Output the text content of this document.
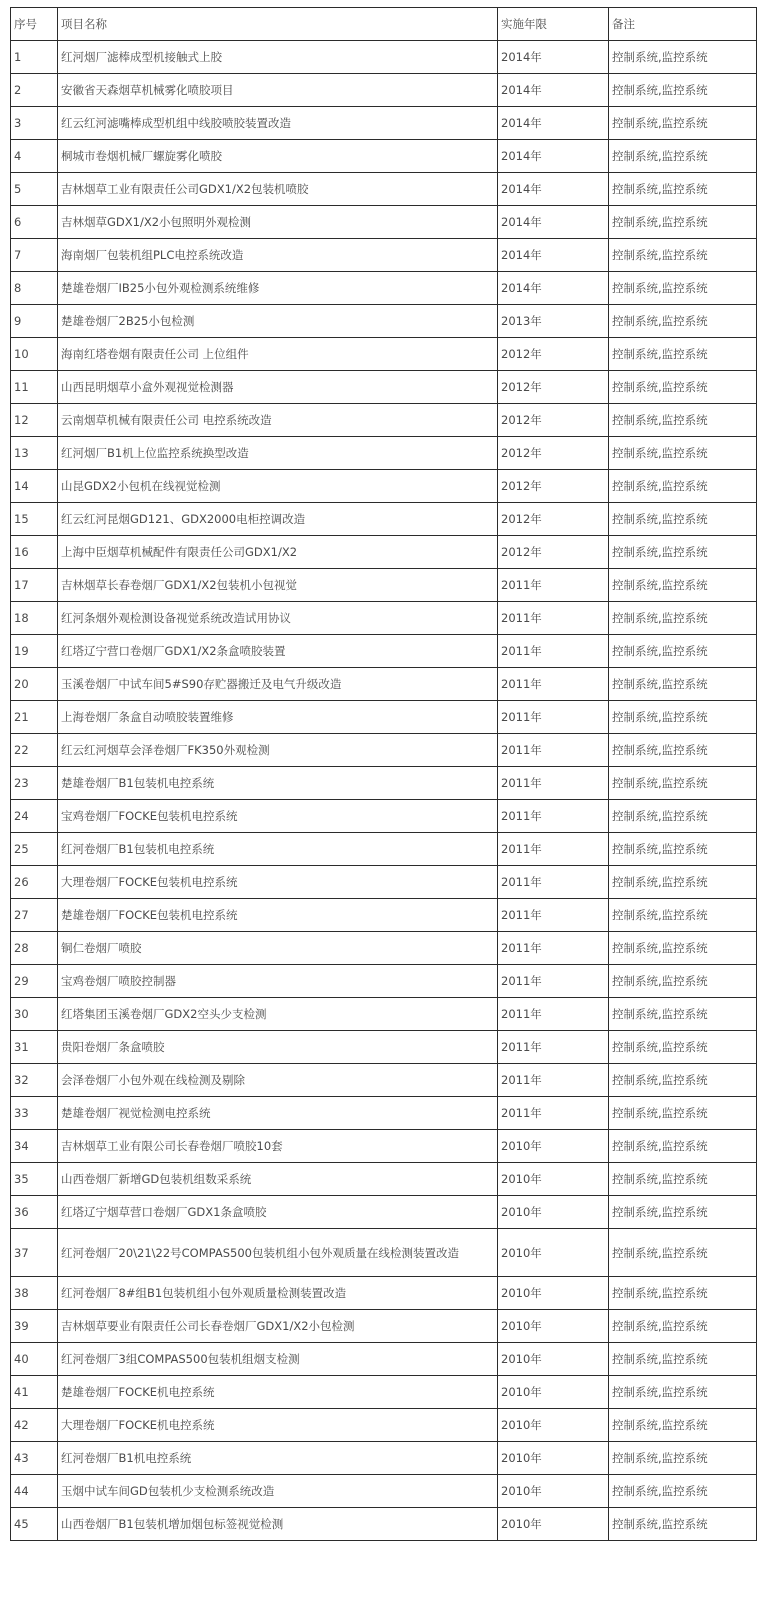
序号	项目名称	实施年限	备注
1	红河烟厂滤棒成型机接触式上胶	2014年	控制系统,监控系统
2	安徽省天森烟草机械雾化喷胶项目	2014年	控制系统,监控系统
3	红云红河滤嘴棒成型机组中线胶喷胶装置改造	2014年	控制系统,监控系统
4	桐城市卷烟机械厂螺旋雾化喷胶	2014年	控制系统,监控系统
5	吉林烟草工业有限责任公司GDX1/X2包装机喷胶	2014年	控制系统,监控系统
6	吉林烟草GDX1/X2小包照明外观检测	2014年	控制系统,监控系统
7	海南烟厂包装机组PLC电控系统改造	2014年	控制系统,监控系统
8	楚雄卷烟厂IB25小包外观检测系统维修	2014年	控制系统,监控系统
9	楚雄卷烟厂2B25小包检测	2013年	控制系统,监控系统
10	海南红塔卷烟有限责任公司 上位组件	2012年	控制系统,监控系统
11	山西昆明烟草小盒外观视觉检测器	2012年	控制系统,监控系统
12	云南烟草机械有限责任公司 电控系统改造	2012年	控制系统,监控系统
13	红河烟厂B1机上位监控系统换型改造	2012年	控制系统,监控系统
14	山昆GDX2小包机在线视觉检测	2012年	控制系统,监控系统
15	红云红河昆烟GD121、GDX2000电柜控调改造	2012年	控制系统,监控系统
16	上海中臣烟草机械配件有限责任公司GDX1/X2	2012年	控制系统,监控系统
17	吉林烟草长春卷烟厂GDX1/X2包装机小包视觉	2011年	控制系统,监控系统
18	红河条烟外观检测设备视觉系统改造试用协议	2011年	控制系统,监控系统
19	红塔辽宁营口卷烟厂GDX1/X2条盒喷胶装置	2011年	控制系统,监控系统
20	玉溪卷烟厂中试车间5#S90存贮器搬迁及电气升级改造	2011年	控制系统,监控系统
21	上海卷烟厂条盒自动喷胶装置维修	2011年	控制系统,监控系统
22	红云红河烟草会泽卷烟厂FK350外观检测	2011年	控制系统,监控系统
23	楚雄卷烟厂B1包装机电控系统	2011年	控制系统,监控系统
24	宝鸡卷烟厂FOCKE包装机电控系统	2011年	控制系统,监控系统
25	红河卷烟厂B1包装机电控系统	2011年	控制系统,监控系统
26	大理卷烟厂FOCKE包装机电控系统	2011年	控制系统,监控系统
27	楚雄卷烟厂FOCKE包装机电控系统	2011年	控制系统,监控系统
28	铜仁卷烟厂喷胶	2011年	控制系统,监控系统
29	宝鸡卷烟厂喷胶控制器	2011年	控制系统,监控系统
30	红塔集团玉溪卷烟厂GDX2空头少支检测	2011年	控制系统,监控系统
31	贵阳卷烟厂条盒喷胶	2011年	控制系统,监控系统
32	会泽卷烟厂小包外观在线检测及剔除	2011年	控制系统,监控系统
33	楚雄卷烟厂视觉检测电控系统	2011年	控制系统,监控系统
34	吉林烟草工业有限公司长春卷烟厂喷胶10套	2010年	控制系统,监控系统
35	山西卷烟厂新增GD包装机组数采系统	2010年	控制系统,监控系统
36	红塔辽宁烟草营口卷烟厂GDX1条盒喷胶	2010年	控制系统,监控系统
37	红河卷烟厂20\21\22号COMPAS500包装机组小包外观质量在线检测装置改造	2010年	控制系统,监控系统
38	红河卷烟厂8#组B1包装机组小包外观质量检测装置改造	2010年	控制系统,监控系统
39	吉林烟草要业有限责任公司长春卷烟厂GDX1/X2小包检测	2010年	控制系统,监控系统
40	红河卷烟厂3组COMPAS500包装机组烟支检测	2010年	控制系统,监控系统
41	楚雄卷烟厂FOCKE机电控系统	2010年	控制系统,监控系统
42	大理卷烟厂FOCKE机电控系统	2010年	控制系统,监控系统
43	红河卷烟厂B1机电控系统	2010年	控制系统,监控系统
44	玉烟中试车间GD包装机少支检测系统改造	2010年	控制系统,监控系统
45	山西卷烟厂B1包装机增加烟包标签视觉检测	2010年	控制系统,监控系统
